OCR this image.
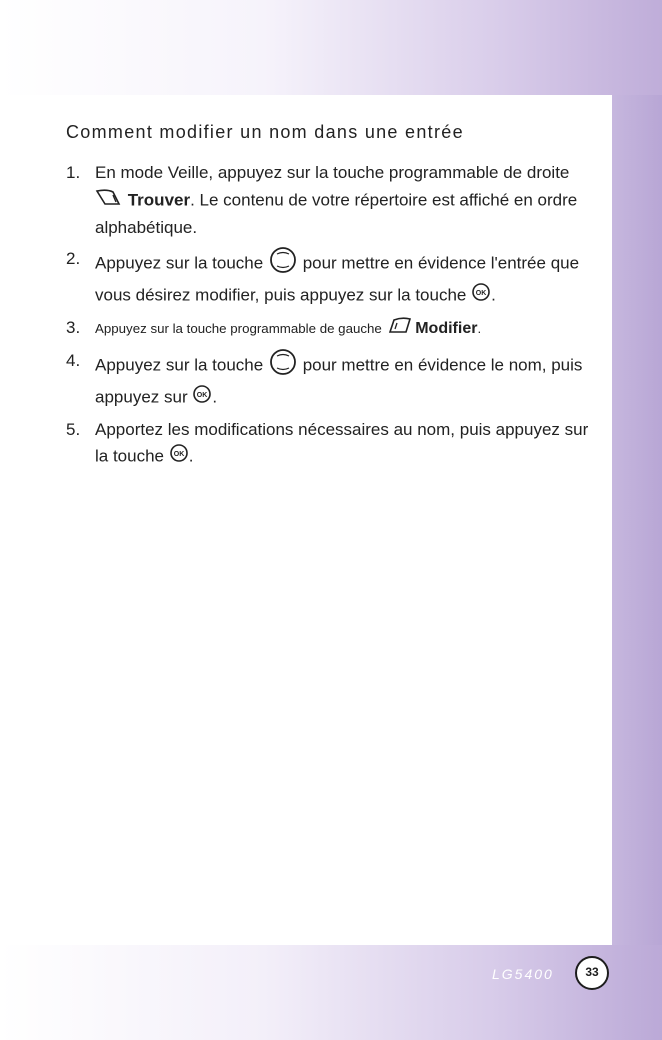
Comment modifier un nom dans une entrée
1. En mode Veille, appuyez sur la touche programmable de droite  Trouver. Le contenu de votre répertoire est affiché en ordre alphabétique.
2. Appuyez sur la touche pour mettre en évidence l'entrée que vous désirez modifier, puis appuyez sur la touche OK .
3. Appuyez sur la touche programmable de gauche Modifier.
4. Appuyez sur la touche pour mettre en évidence le nom, puis appuyez sur OK .
5. Apportez les modifications nécessaires au nom, puis appuyez sur la touche OK .
LG5400	33
